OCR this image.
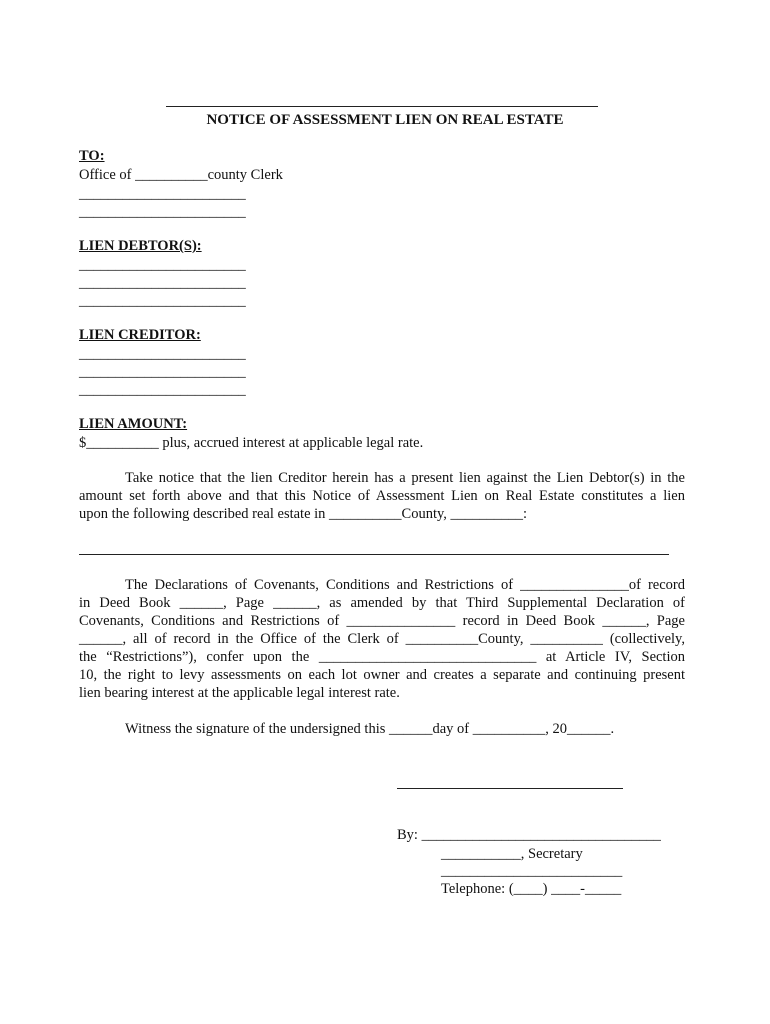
NOTICE OF ASSESSMENT LIEN ON REAL ESTATE
TO:
Office of __________county Clerk
_______________________
_______________________
LIEN DEBTOR(S):
_______________________
_______________________
_______________________
LIEN CREDITOR:
_______________________
_______________________
_______________________
LIEN AMOUNT:
$__________ plus, accrued interest at applicable legal rate.
Take notice that the lien Creditor herein has a present lien against the Lien Debtor(s) in the
amount set forth above and that this Notice of Assessment Lien on Real Estate constitutes a lien
upon the following described real estate in __________County, __________:
The Declarations of Covenants, Conditions and Restrictions of _______________of record
in Deed Book ______, Page ______, as amended by that Third Supplemental Declaration of
Covenants, Conditions and Restrictions of _______________ record in Deed Book ______, Page
______, all of record in the Office of the Clerk of __________County, __________ (collectively,
the “Restrictions”), confer upon the ______________________________ at Article IV, Section
10, the right to levy assessments on each lot owner and creates a separate and continuing present
lien bearing interest at the applicable legal interest rate.
Witness the signature of the undersigned this ______day of __________, 20______.
By: _________________________________
___________, Secretary
_________________________
Telephone: (____) ____-_____
